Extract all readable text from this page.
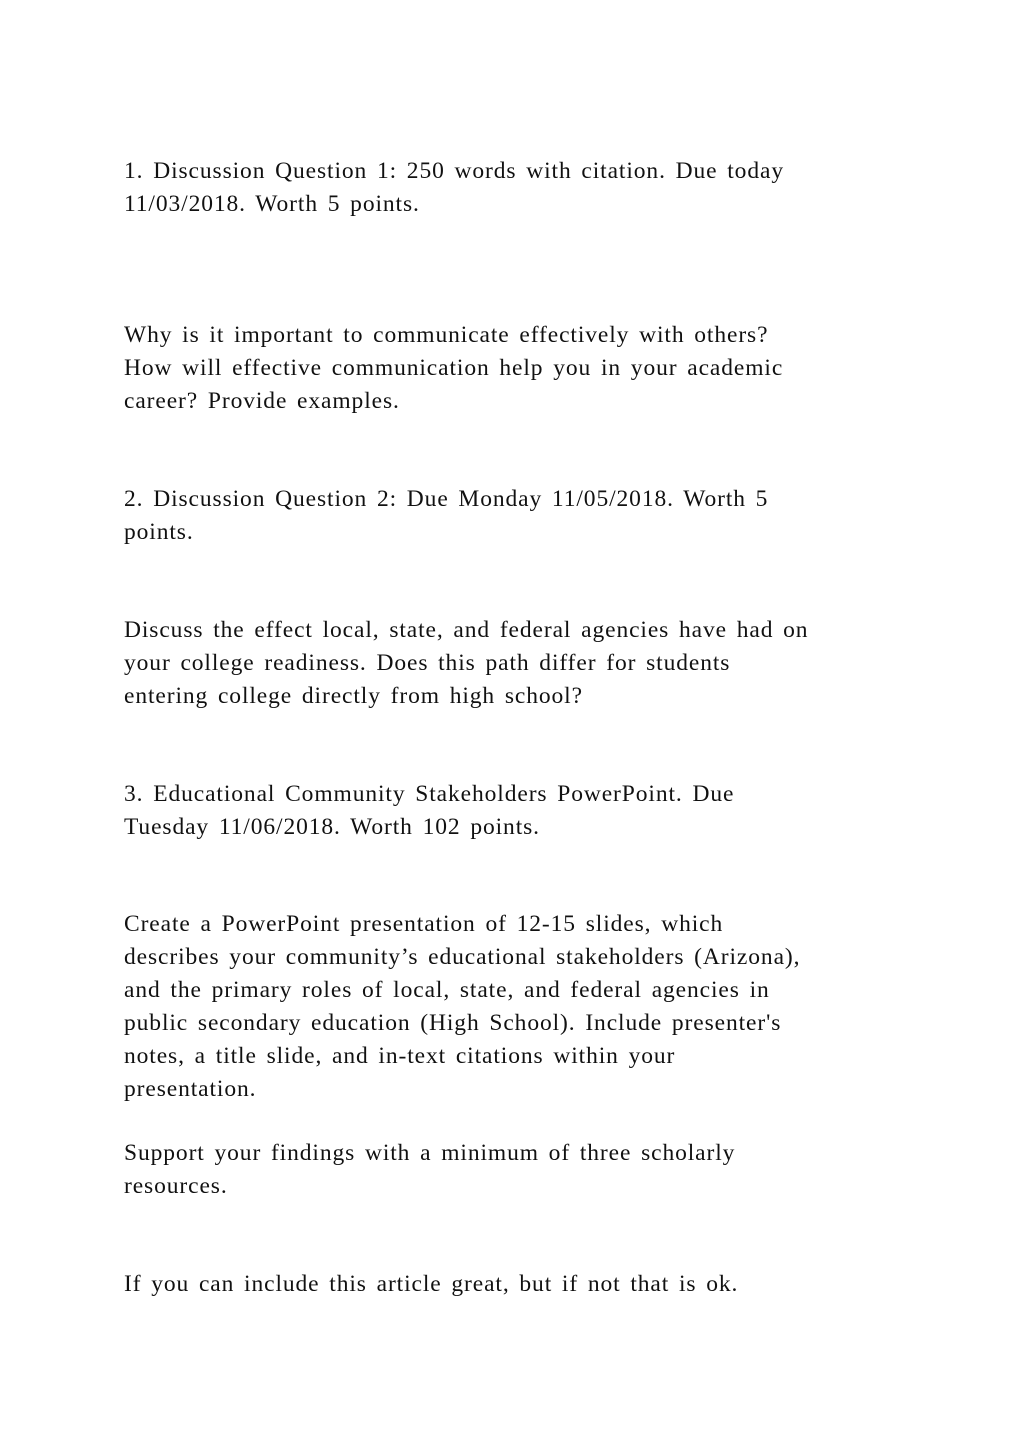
1. Discussion Question 1: 250 words with citation. Due today
11/03/2018. Worth 5 points.

Why is it important to communicate effectively with others?
How will effective communication help you in your academic
career? Provide examples.

2. Discussion Question 2: Due Monday 11/05/2018. Worth 5
points.

Discuss the effect local, state, and federal agencies have had on
your college readiness. Does this path differ for students
entering college directly from high school?

3. Educational Community Stakeholders PowerPoint. Due
Tuesday 11/06/2018. Worth 102 points.

Create a PowerPoint presentation of 12-15 slides, which
describes your community’s educational stakeholders (Arizona),
and the primary roles of local, state, and federal agencies in
public secondary education (High School). Include presenter's
notes, a title slide, and in-text citations within your
presentation.

Support your findings with a minimum of three scholarly
resources.

If you can include this article great, but if not that is ok.
